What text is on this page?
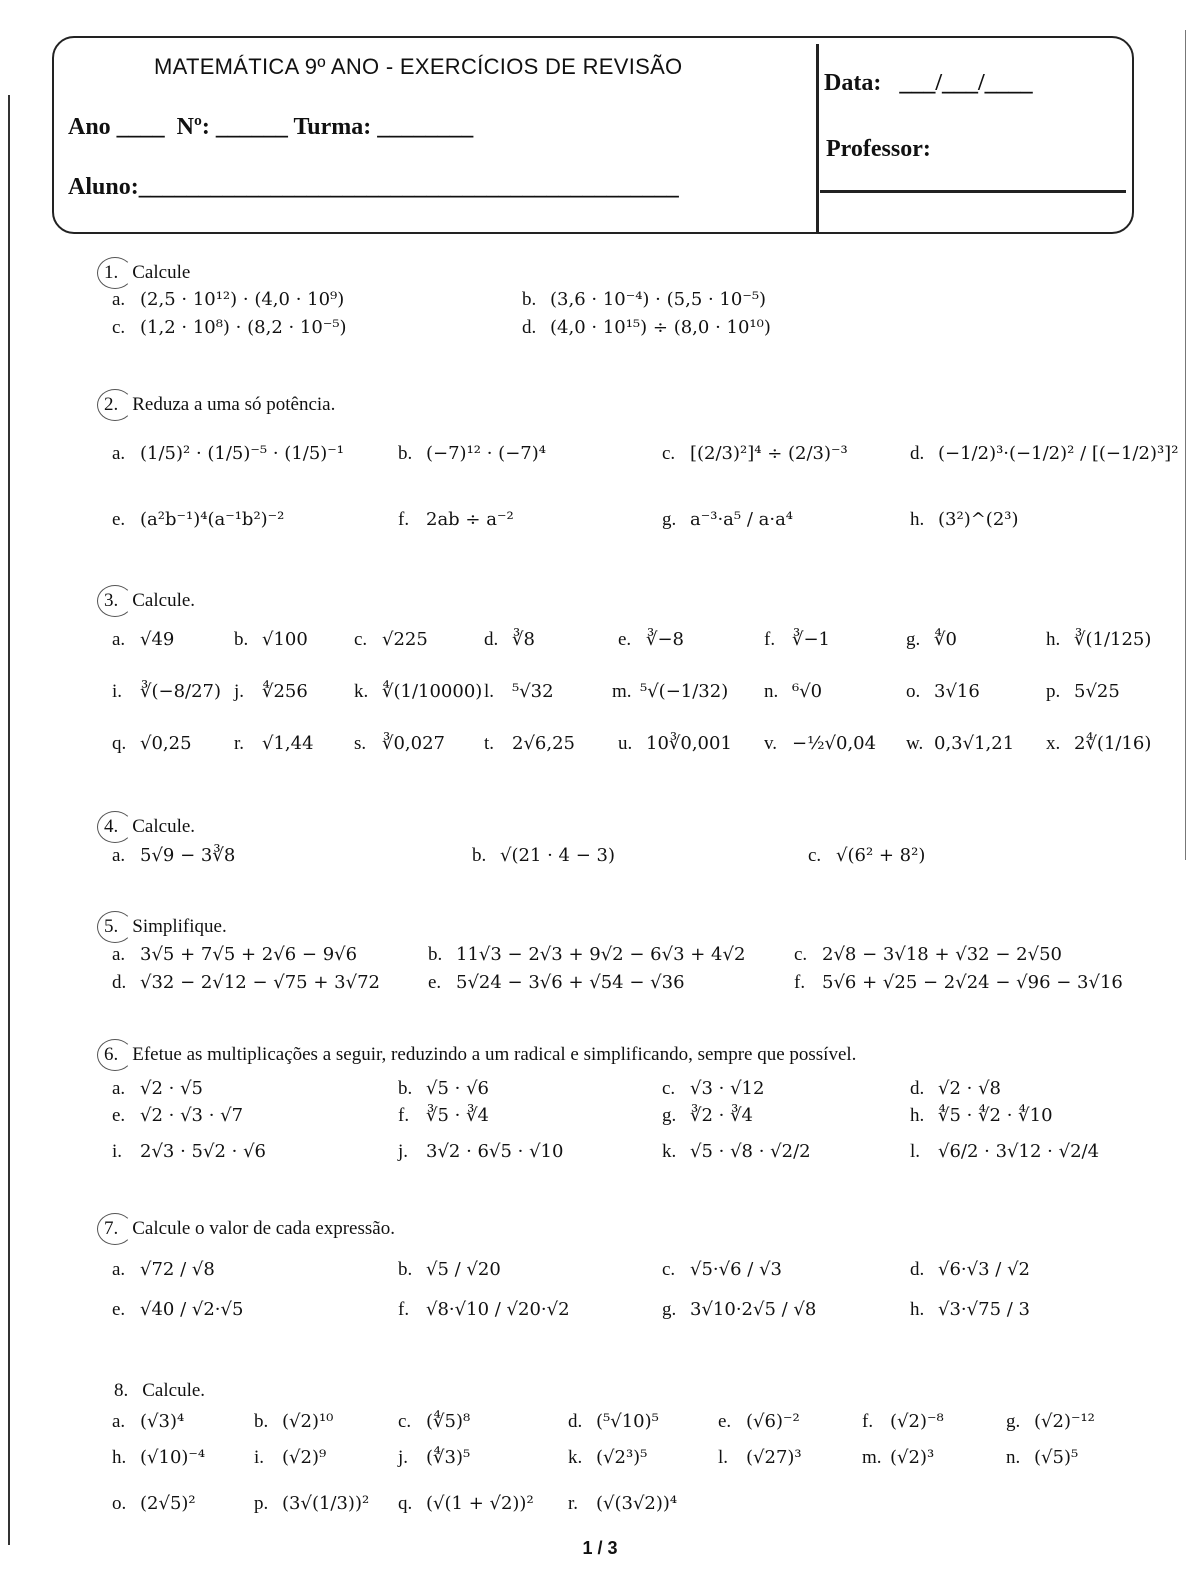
MATEMÁTICA 9º ANO - EXERCÍCIOS DE REVISÃO
Ano ____  Nº: ______ Turma: ________
Aluno:_____________________________________________
Data:   ___/___/____
Professor:
1. Calcule
a. (2,5 · 10¹²) · (4,0 · 10⁹)	b. (3,6 · 10⁻⁴) · (5,5 · 10⁻⁵)
c. (1,2 · 10⁸) · (8,2 · 10⁻⁵)	d. (4,0 · 10¹⁵) ÷ (8,0 · 10¹⁰)
2. Reduza a uma só potência.
a. (1/5)² · (1/5)⁻⁵ · (1/5)⁻¹	b. (−7)¹² · (−7)⁴	c. [(2/3)²]⁴ ÷ (2/3)⁻³	d. (−1/2)³·(−1/2)² / [(−1/2)³]²
e. (a²b⁻¹)⁴(a⁻¹b²)⁻²	f. 2ab ÷ a⁻²	g. a⁻³·a⁵ / a·a⁴	h. (3²)^(2³)
3. Calcule.
a. √49	b. √100 c. √225	d. ∛8	e. ∛−8	f. ∛−1	g. ∜0	h. ∛(1/125)
i. ∛(−8/27) j. ∜256 k. ∜(1/10000) l. ⁵√32	m. ⁵√(−1/32) n. ⁶√0	o. 3√16	p. 5√25
q. √0,25 r. √1,44 s. ∛0,027 t. 2√6,25 u. 10∛0,001 v. −½√0,04 w. 0,3√1,21 x. 2∜(1/16)
4. Calcule.
a. 5√9 − 3∛8	b. √(21 · 4 − 3)	c. √(6² + 8²)
5. Simplifique.
a. 3√5 + 7√5 + 2√6 − 9√6	b. 11√3 − 2√3 + 9√2 − 6√3 + 4√2	c. 2√8 − 3√18 + √32 − 2√50
d. √32 − 2√12 − √75 + 3√72	e. 5√24 − 3√6 + √54 − √36	f. 5√6 + √25 − 2√24 − √96 − 3√16
6. Efetue as multiplicações a seguir, reduzindo a um radical e simplificando, sempre que possível.
a. √2 · √5	b. √5 · √6	c. √3 · √12	d. √2 · √8
e. √2 · √3 · √7	f. ∛5 · ∛4	g. ∛2 · ∛4	h. ∜5 · ∜2 · ∜10
i. 2√3 · 5√2 · √6	j. 3√2 · 6√5 · √10	k. √5 · √8 · √2/2	l. √6/2 · 3√12 · √2/4
7. Calcule o valor de cada expressão.
a. √72 / √8	b. √5 / √20	c. √5·√6 / √3	d. √6·√3 / √2
e. √40 / √2·√5	f. √8·√10 / √20·√2	g. 3√10·2√5 / √8	h. √3·√75 / 3
8. Calcule.
a. (√3)⁴	b. (√2)¹⁰	c. (∜5)⁸	d. (⁵√10)⁵	e. (√6)⁻²	f. (√2)⁻⁸	g. (√2)⁻¹²
h. (√10)⁻⁴	i. (√2)⁹	j. (∜3)⁵	k. (√2³)⁵	l. (√27)³	m. (√2)³	n. (√5)⁵
o. (2√5)²	p. (3√(1/3))² q. (√(1 + √2))² r. (√(3√2))⁴
1 / 3
